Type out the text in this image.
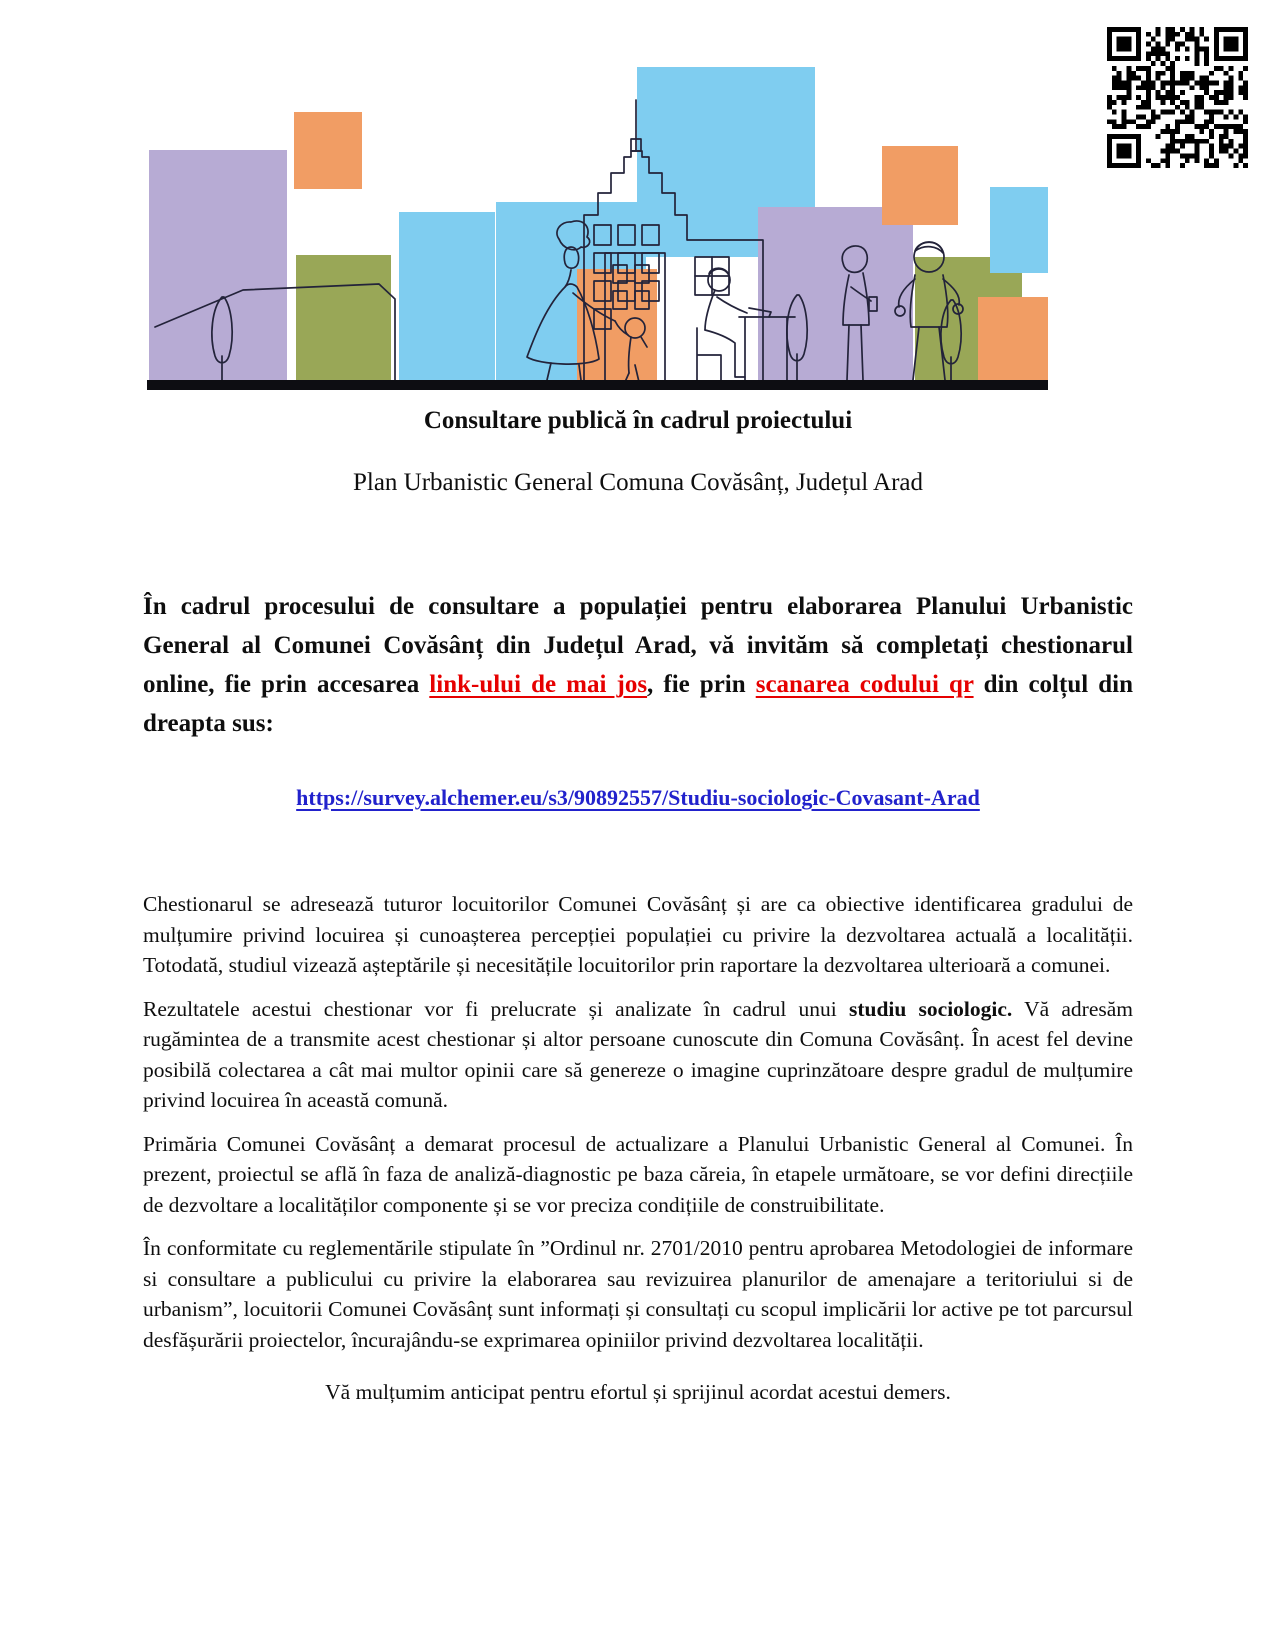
Consultare publică în cadrul proiectului
Plan Urbanistic General Comuna Covăsânț, Județul Arad

În cadrul procesului de consultare a populației pentru elaborarea Planului Urbanistic General al Comunei Covăsânț din Județul Arad, vă invităm să completați chestionarul online, fie prin accesarea link-ului de mai jos, fie prin scanarea codului qr din colțul din dreapta sus:

https://survey.alchemer.eu/s3/90892557/Studiu-sociologic-Covasant-Arad

Chestionarul se adresează tuturor locuitorilor Comunei Covăsânț și are ca obiective identificarea gradului de mulțumire privind locuirea și cunoașterea percepției populației cu privire la dezvoltarea actuală a localității. Totodată, studiul vizează așteptările și necesitățile locuitorilor prin raportare la dezvoltarea ulterioară a comunei.

Rezultatele acestui chestionar vor fi prelucrate și analizate în cadrul unui studiu sociologic. Vă adresăm rugămintea de a transmite acest chestionar și altor persoane cunoscute din Comuna Covăsânț. În acest fel devine posibilă colectarea a cât mai multor opinii care să genereze o imagine cuprinzătoare despre gradul de mulțumire privind locuirea în această comună.

Primăria Comunei Covăsânț a demarat procesul de actualizare a Planului Urbanistic General al Comunei. În prezent, proiectul se află în faza de analiză-diagnostic pe baza căreia, în etapele următoare, se vor defini direcțiile de dezvoltare a localităților componente și se vor preciza condițiile de construibilitate.

În conformitate cu reglementările stipulate în ”Ordinul nr. 2701/2010 pentru aprobarea Metodologiei de informare si consultare a publicului cu privire la elaborarea sau revizuirea planurilor de amenajare a teritoriului si de urbanism”, locuitorii Comunei Covăsânț sunt informați și consultați cu scopul implicării lor active pe tot parcursul desfășurării proiectelor, încurajându-se exprimarea opiniilor privind dezvoltarea localității.

Vă mulțumim anticipat pentru efortul și sprijinul acordat acestui demers.
